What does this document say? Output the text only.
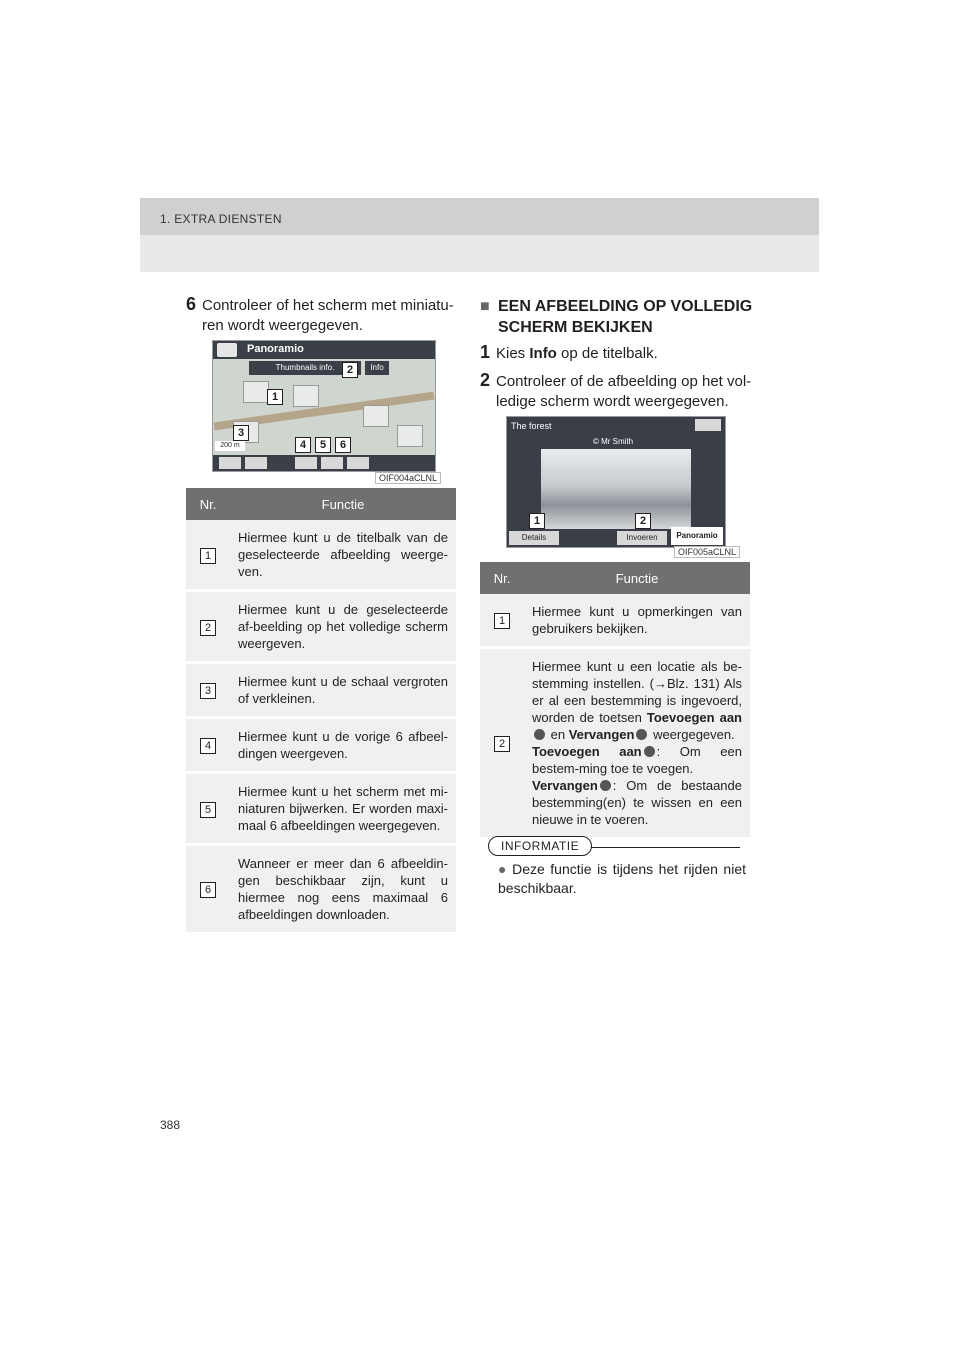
1. EXTRA DIENSTEN
6 Controleer of het scherm met miniatu-ren wordt weergegeven.
Panoramio
Thumbnails info.	Info
200 m
2
1
3
4	5	6
OIF004aCLNL
Nr.	Functie
1	Hiermee kunt u de titelbalk van de geselecteerde afbeelding weerge-ven.
2	Hiermee kunt u de geselecteerde af-beelding op het volledige scherm weergeven.
3	Hiermee kunt u de schaal vergroten of verkleinen.
4	Hiermee kunt u de vorige 6 afbeel-dingen weergeven.
5	Hiermee kunt u het scherm met mi-niaturen bijwerken. Er worden maxi-maal 6 afbeeldingen weergegeven.
6	Wanneer er meer dan 6 afbeeldin-gen beschikbaar zijn, kunt u hiermee nog eens maximaal 6 afbeeldingen downloaden.
■ EEN AFBEELDING OP VOLLEDIG SCHERM BEKIJKEN
1 Kies Info op de titelbalk.
2 Controleer of de afbeelding op het vol-ledige scherm wordt weergegeven.
The forest
© Mr Smith
Details	Invoeren	Panoramio
1	2
OIF005aCLNL
Nr.	Functie
1	Hiermee kunt u opmerkingen van gebruikers bekijken.
2	Hiermee kunt u een locatie als be-stemming instellen. (→Blz. 131) Als er al een bestemming is ingevoerd, worden de toetsen Toevoegen aan en Vervangen weergegeven.
Toevoegen aan : Om een bestem-ming toe te voegen.
Vervangen : Om de bestaande bestemming(en) te wissen en een nieuwe in te voeren.
INFORMATIE
● Deze functie is tijdens het rijden niet beschikbaar.
388
